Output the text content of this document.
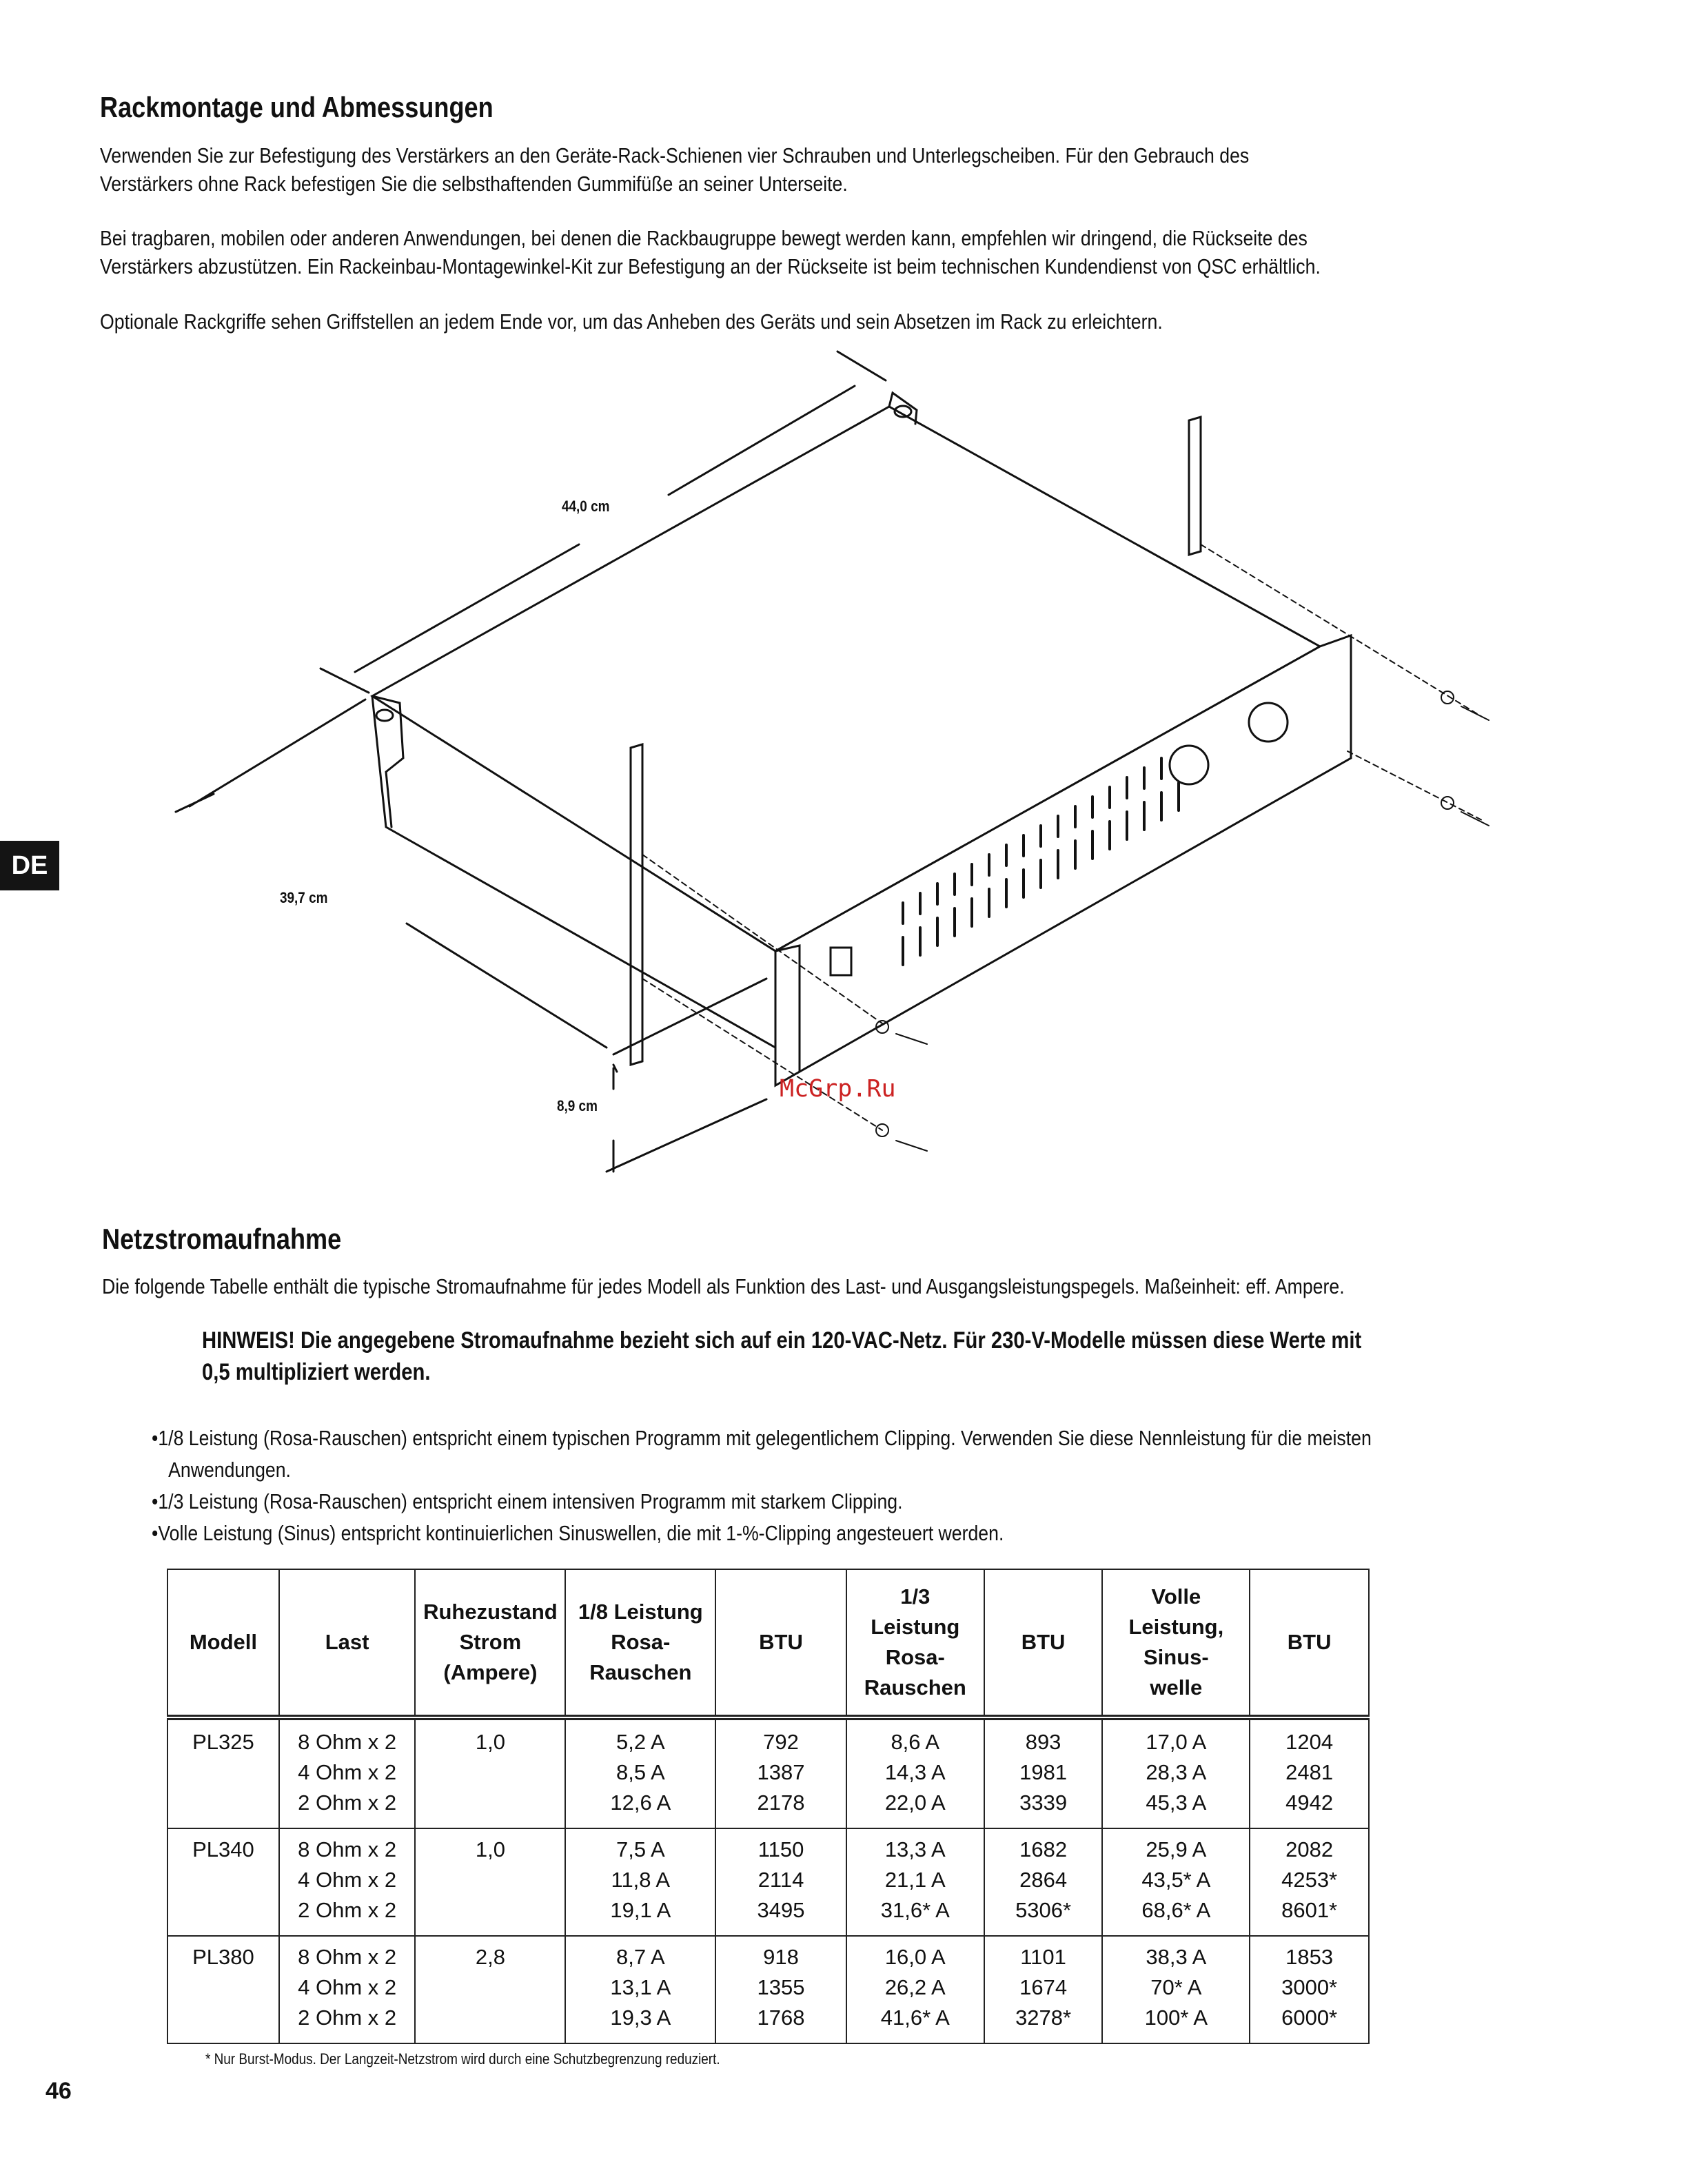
Rackmontage und Abmessungen
Verwenden Sie zur Befestigung des Verstärkers an den Geräte-Rack-Schienen vier Schrauben und Unterlegscheiben. Für den Gebrauch des

Verstärkers ohne Rack befestigen Sie die selbsthaftenden Gummifüße an seiner Unterseite.
Bei tragbaren, mobilen oder anderen Anwendungen, bei denen die Rackbaugruppe bewegt werden kann, empfehlen wir dringend, die Rückseite des

Verstärkers abzustützen. Ein Rackeinbau-Montagewinkel-Kit zur Befestigung an der Rückseite ist beim technischen Kundendienst von QSC erhältlich.
Optionale Rackgriffe sehen Griffstellen an jedem Ende vor, um das Anheben des Geräts und sein Absetzen im Rack zu erleichtern.
44,0 cm
39,7 cm
8,9 cm
McGrp.Ru
DE
Netzstromaufnahme
Die folgende Tabelle enthält die typische Stromaufnahme für jedes Modell als Funktion des Last- und Ausgangsleistungspegels. Maßeinheit: eff. Ampere.
HINWEIS! Die angegebene Stromaufnahme bezieht sich auf ein 120-VAC-Netz. Für 230-V-Modelle müssen diese Werte mit

0,5 multipliziert werden.
•1/8 Leistung (Rosa-Rauschen) entspricht einem typischen Programm mit gelegentlichem Clipping. Verwenden Sie diese Nennleistung für die meisten

Anwendungen.

•1/3 Leistung (Rosa-Rauschen) entspricht einem intensiven Programm mit starkem Clipping.

•Volle Leistung (Sinus) entspricht kontinuierlichen Sinuswellen, die mit 1-%-Clipping angesteuert werden.
Modell	Last	Ruhezustand
Strom
(Ampere)	1/8 Leistung
Rosa-
Rauschen	BTU	1/3
Leistung
Rosa-
Rauschen	BTU	Volle
Leistung,
Sinus-
welle	BTU

PL325	8 Ohm x 2
4 Ohm x 2
2 Ohm x 2	1,0	5,2 A
8,5 A
12,6 A	792
1387
2178	8,6 A
14,3 A
22,0 A	893
1981
3339	17,0 A
28,3 A
45,3 A	1204
2481
4942

PL340	8 Ohm x 2
4 Ohm x 2
2 Ohm x 2	1,0	7,5 A
11,8 A
19,1 A	1150
2114
3495	13,3 A
21,1 A
31,6* A	1682
2864
5306*	25,9 A
43,5* A
68,6* A	2082
4253*
8601*

PL380	8 Ohm x 2
4 Ohm x 2
2 Ohm x 2	2,8	8,7 A
13,1 A
19,3 A	918
1355
1768	16,0 A
26,2 A
41,6* A	1101
1674
3278*	38,3 A
70* A
100* A	1853
3000*
6000*
* Nur Burst-Modus. Der Langzeit-Netzstrom wird durch eine Schutzbegrenzung reduziert.
46
